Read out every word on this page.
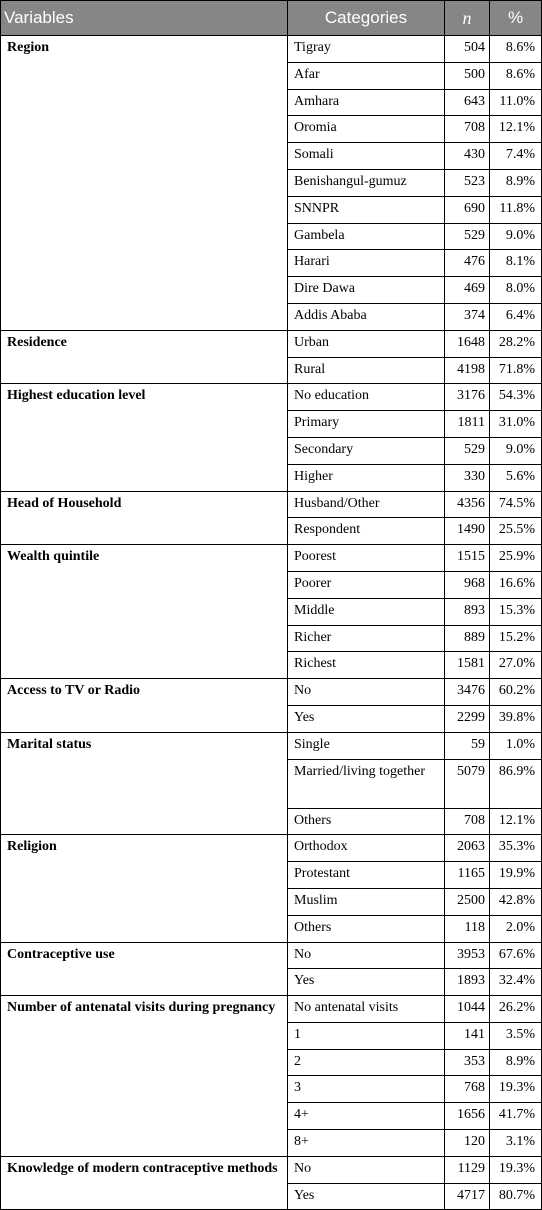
Variables	Categories	n	%
Region	Tigray	504	8.6%
	Afar	500	8.6%
	Amhara	643	11.0%
	Oromia	708	12.1%
	Somali	430	7.4%
	Benishangul-gumuz	523	8.9%
	SNNPR	690	11.8%
	Gambela	529	9.0%
	Harari	476	8.1%
	Dire Dawa	469	8.0%
	Addis Ababa	374	6.4%
Residence	Urban	1648	28.2%
	Rural	4198	71.8%
Highest education level	No education	3176	54.3%
	Primary	1811	31.0%
	Secondary	529	9.0%
	Higher	330	5.6%
Head of Household	Husband/Other	4356	74.5%
	Respondent	1490	25.5%
Wealth quintile	Poorest	1515	25.9%
	Poorer	968	16.6%
	Middle	893	15.3%
	Richer	889	15.2%
	Richest	1581	27.0%
Access to TV or Radio	No	3476	60.2%
	Yes	2299	39.8%
Marital status	Single	59	1.0%
	Married/living together	5079	86.9%
	Others	708	12.1%
Religion	Orthodox	2063	35.3%
	Protestant	1165	19.9%
	Muslim	2500	42.8%
	Others	118	2.0%
Contraceptive use	No	3953	67.6%
	Yes	1893	32.4%
Number of antenatal visits during pregnancy	No antenatal visits	1044	26.2%
	1	141	3.5%
	2	353	8.9%
	3	768	19.3%
	4+	1656	41.7%
	8+	120	3.1%
Knowledge of modern contraceptive methods	No	1129	19.3%
	Yes	4717	80.7%
